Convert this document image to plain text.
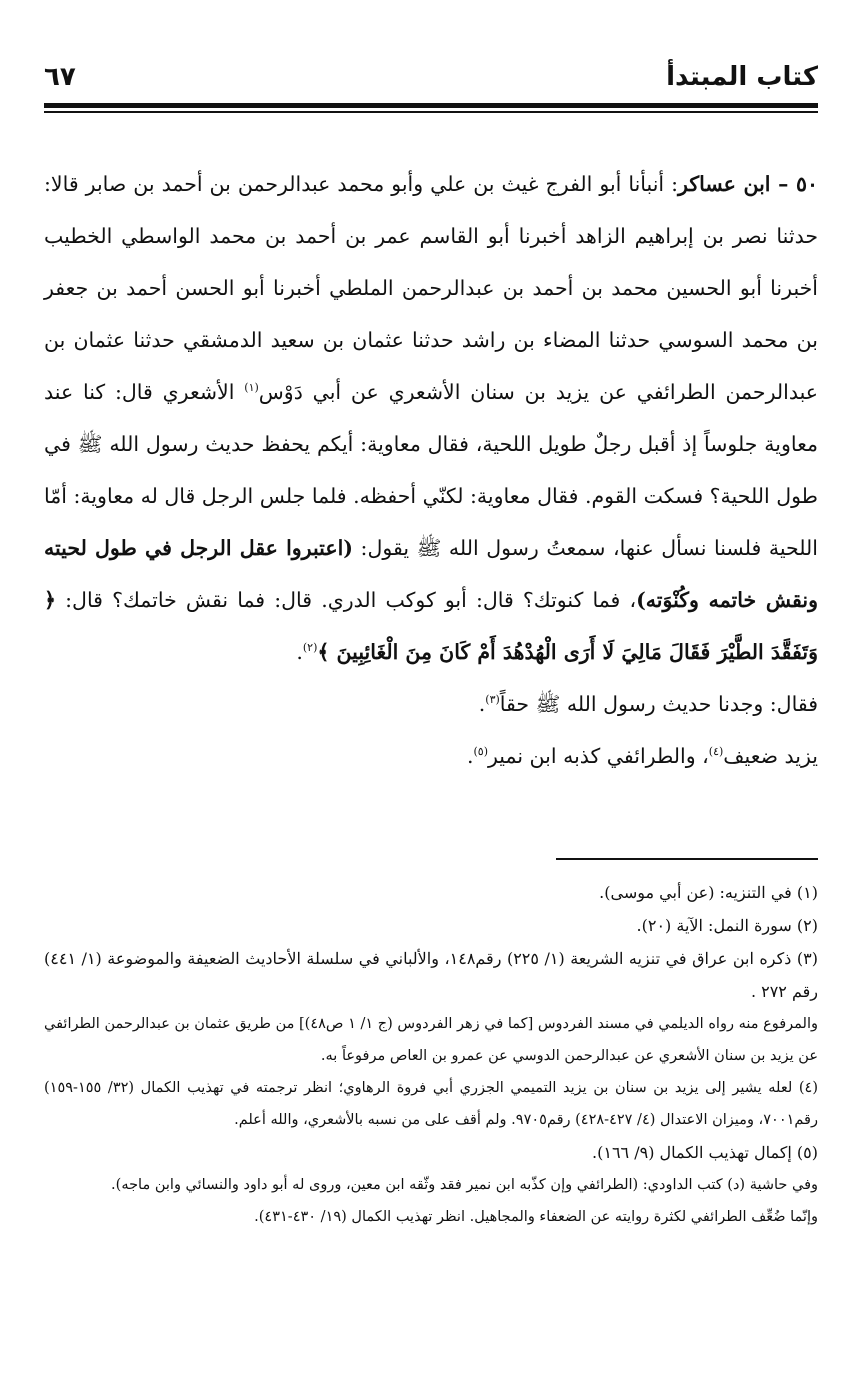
كتاب المبتدأ
٦٧

٥٠ – ابن عساكر: أنبأنا أبو الفرج غيث بن علي وأبو محمد عبدالرحمن بن أحمد بن صابر قالا: حدثنا نصر بن إبراهيم الزاهد أخبرنا أبو القاسم عمر بن أحمد بن محمد الواسطي الخطيب أخبرنا أبو الحسين محمد بن أحمد بن عبدالرحمن الملطي أخبرنا أبو الحسن أحمد بن جعفر بن محمد السوسي حدثنا المضاء بن راشد حدثنا عثمان بن سعيد الدمشقي حدثنا عثمان بن عبدالرحمن الطرائفي عن يزيد بن سنان الأشعري عن أبي دَوْس$^{(١)}$ الأشعري قال: كنا عند معاوية جلوساً إذ أقبل رجلٌ طويل اللحية، فقال معاوية: أيكم يحفظ حديث رسول الله ﷺ في طول اللحية؟ فسكت القوم. فقال معاوية: لكنّي أحفظه. فلما جلس الرجل قال له معاوية: أمّا اللحية فلسنا نسأل عنها، سمعتُ رسول الله ﷺ يقول: (اعتبروا عقل الرجل في طول لحيته ونقش خاتمه وكُنْوَته)، فما كنوتك؟ قال: أبو كوكب الدري. قال: فما نقش خاتمك؟ قال: ﴿ وَتَفَقَّدَ الطَّيْرَ فَقَالَ مَالِيَ لَا أَرَى الْهُدْهُدَ أَمْ كَانَ مِنَ الْغَائِبِينَ ﴾$^{(٢)}$.

فقال: وجدنا حديث رسول الله ﷺ حقاً$^{(٣)}$.

يزيد ضعيف$^{(٤)}$، والطرائفي كذبه ابن نمير$^{(٥)}$.

(١) في التنزيه: (عن أبي موسى).

(٢) سورة النمل: الآية (٢٠).

(٣) ذكره ابن عراق في تنزيه الشريعة (١/ ٢٢٥) رقم١٤٨، والألباني في سلسلة الأحاديث الضعيفة والموضوعة (١/ ٤٤١) رقم ٢٧٢ .

والمرفوع منه رواه الديلمي في مسند الفردوس [كما في زهر الفردوس (ج ١/ ١ ص٤٨)] من طريق عثمان بن عبدالرحمن الطرائفي عن يزيد بن سنان الأشعري عن عبدالرحمن الدوسي عن عمرو بن العاص مرفوعاً به.

(٤) لعله يشير إلى يزيد بن سنان بن يزيد التميمي الجزري أبي فروة الرهاوي؛ انظر ترجمته في تهذيب الكمال (٣٢/ ١٥٥-١٥٩) رقم٧٠٠١، وميزان الاعتدال (٤/ ٤٢٧-٤٢٨) رقم٩٧٠٥. ولم أقف على من نسبه بالأشعري، والله أعلم.

(٥) إكمال تهذيب الكمال (٩/ ١٦٦).

وفي حاشية (د) كتب الداودي: (الطرائفي وإن كذّبه ابن نمير فقد وثّقه ابن معين، وروى له أبو داود والنسائي وابن ماجه).

وإنّما ضُعِّف الطرائفي لكثرة روايته عن الضعفاء والمجاهيل. انظر تهذيب الكمال (١٩/ ٤٣٠-٤٣١).
